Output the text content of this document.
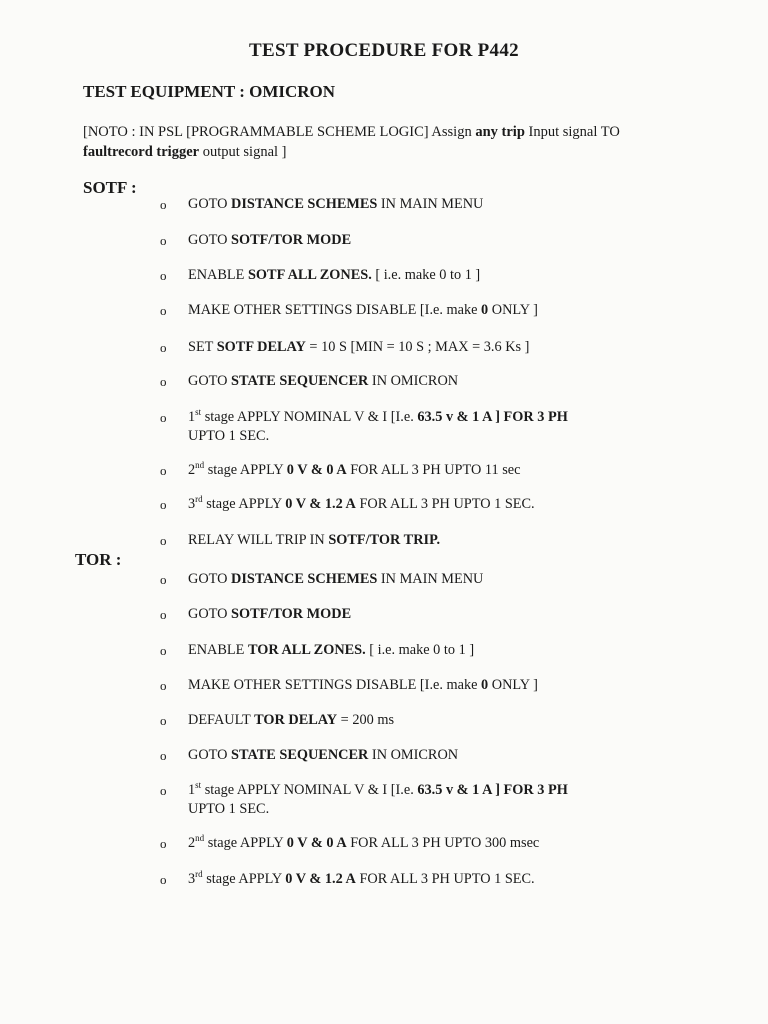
TEST PROCEDURE FOR P442
TEST EQUIPMENT : OMICRON
[NOTO : IN PSL [PROGRAMMABLE SCHEME LOGIC] Assign any trip Input signal TO faultrecord trigger output signal ]
SOTF :
o	GOTO DISTANCE SCHEMES IN MAIN MENU
o	GOTO SOTF/TOR MODE
o	ENABLE SOTF ALL ZONES. [ i.e. make 0 to 1 ]
o	MAKE OTHER SETTINGS DISABLE [I.e. make 0 ONLY ]
o	SET SOTF DELAY = 10 S [MIN = 10 S ; MAX = 3.6 Ks ]
o	GOTO STATE SEQUENCER IN OMICRON
o	1st stage APPLY NOMINAL V & I [I.e. 63.5 v & 1 A ] FOR 3 PH
UPTO 1 SEC.
o	2nd stage APPLY 0 V & 0 A FOR ALL 3 PH UPTO 11 sec
o	3rd stage APPLY 0 V & 1.2 A FOR ALL 3 PH UPTO 1 SEC.
o	RELAY WILL TRIP IN SOTF/TOR TRIP.
TOR :
o	GOTO DISTANCE SCHEMES IN MAIN MENU
o	GOTO SOTF/TOR MODE
o	ENABLE TOR ALL ZONES. [ i.e. make 0 to 1 ]
o	MAKE OTHER SETTINGS DISABLE [I.e. make 0 ONLY ]
o	DEFAULT TOR DELAY = 200 ms
o	GOTO STATE SEQUENCER IN OMICRON
o	1st stage APPLY NOMINAL V & I [I.e. 63.5 v & 1 A ] FOR 3 PH
UPTO 1 SEC.
o	2nd stage APPLY 0 V & 0 A FOR ALL 3 PH UPTO 300 msec
o	3rd stage APPLY 0 V & 1.2 A FOR ALL 3 PH UPTO 1 SEC.
